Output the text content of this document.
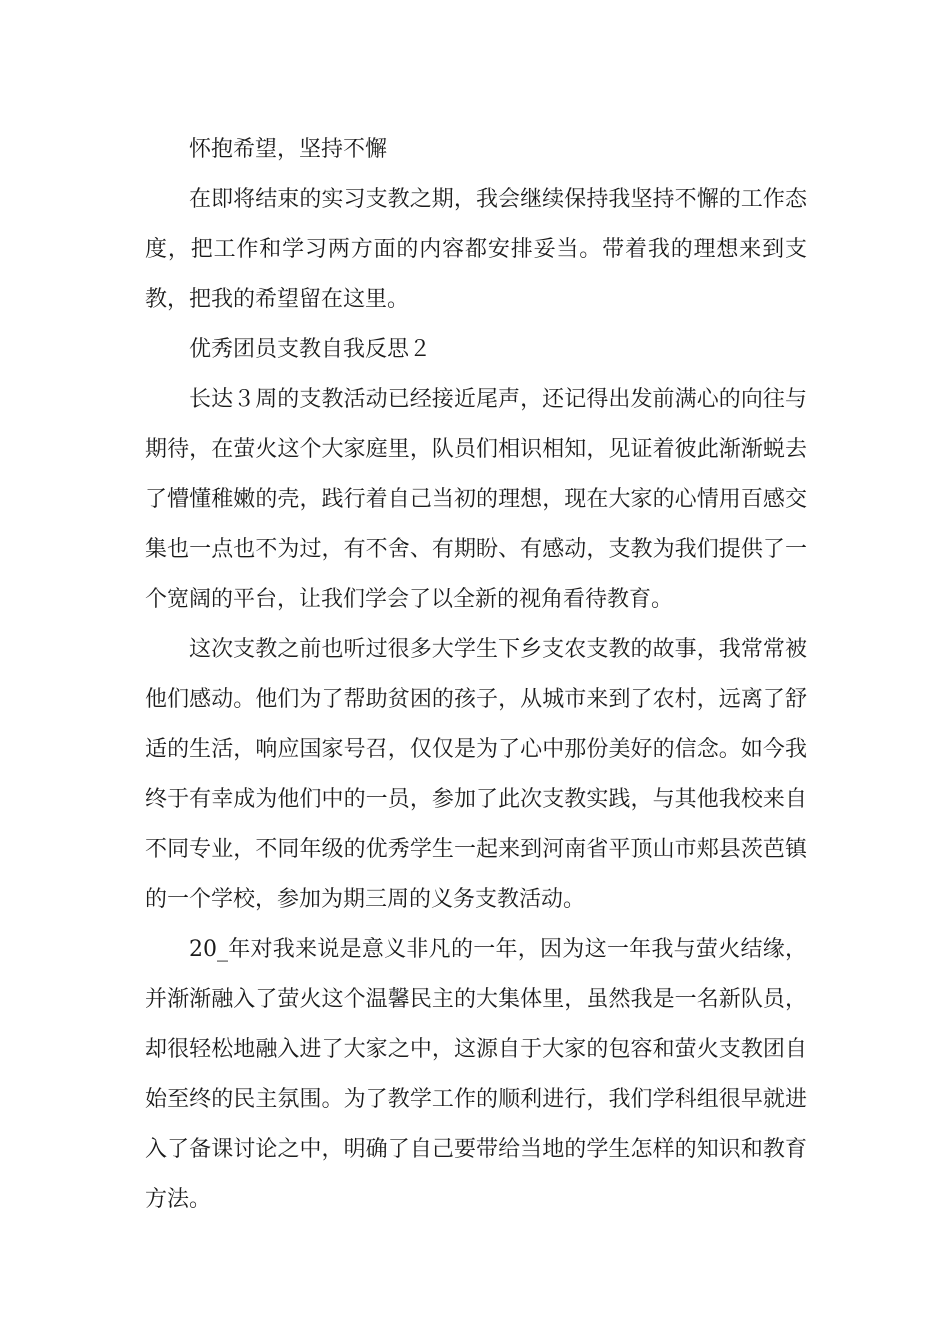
怀抱希望，坚持不懈

在即将结束的实习支教之期，我会继续保持我坚持不懈的工作态度，把工作和学习两方面的内容都安排妥当。带着我的理想来到支教，把我的希望留在这里。

优秀团员支教自我反思２

长达３周的支教活动已经接近尾声，还记得出发前满心的向往与期待，在萤火这个大家庭里，队员们相识相知，见证着彼此渐渐蜕去了懵懂稚嫩的壳，践行着自己当初的理想，现在大家的心情用百感交集也一点也不为过，有不舍、有期盼、有感动，支教为我们提供了一个宽阔的平台，让我们学会了以全新的视角看待教育。

这次支教之前也听过很多大学生下乡支农支教的故事，我常常被他们感动。他们为了帮助贫困的孩子，从城市来到了农村，远离了舒适的生活，响应国家号召，仅仅是为了心中那份美好的信念。如今我终于有幸成为他们中的一员，参加了此次支教实践，与其他我校来自不同专业，不同年级的优秀学生一起来到河南省平顶山市郏县茨芭镇的一个学校，参加为期三周的义务支教活动。

20_年对我来说是意义非凡的一年，因为这一年我与萤火结缘，并渐渐融入了萤火这个温馨民主的大集体里，虽然我是一名新队员，却很轻松地融入进了大家之中，这源自于大家的包容和萤火支教团自始至终的民主氛围。为了教学工作的顺利进行，我们学科组很早就进入了备课讨论之中，明确了自己要带给当地的学生怎样的知识和教育方法。
